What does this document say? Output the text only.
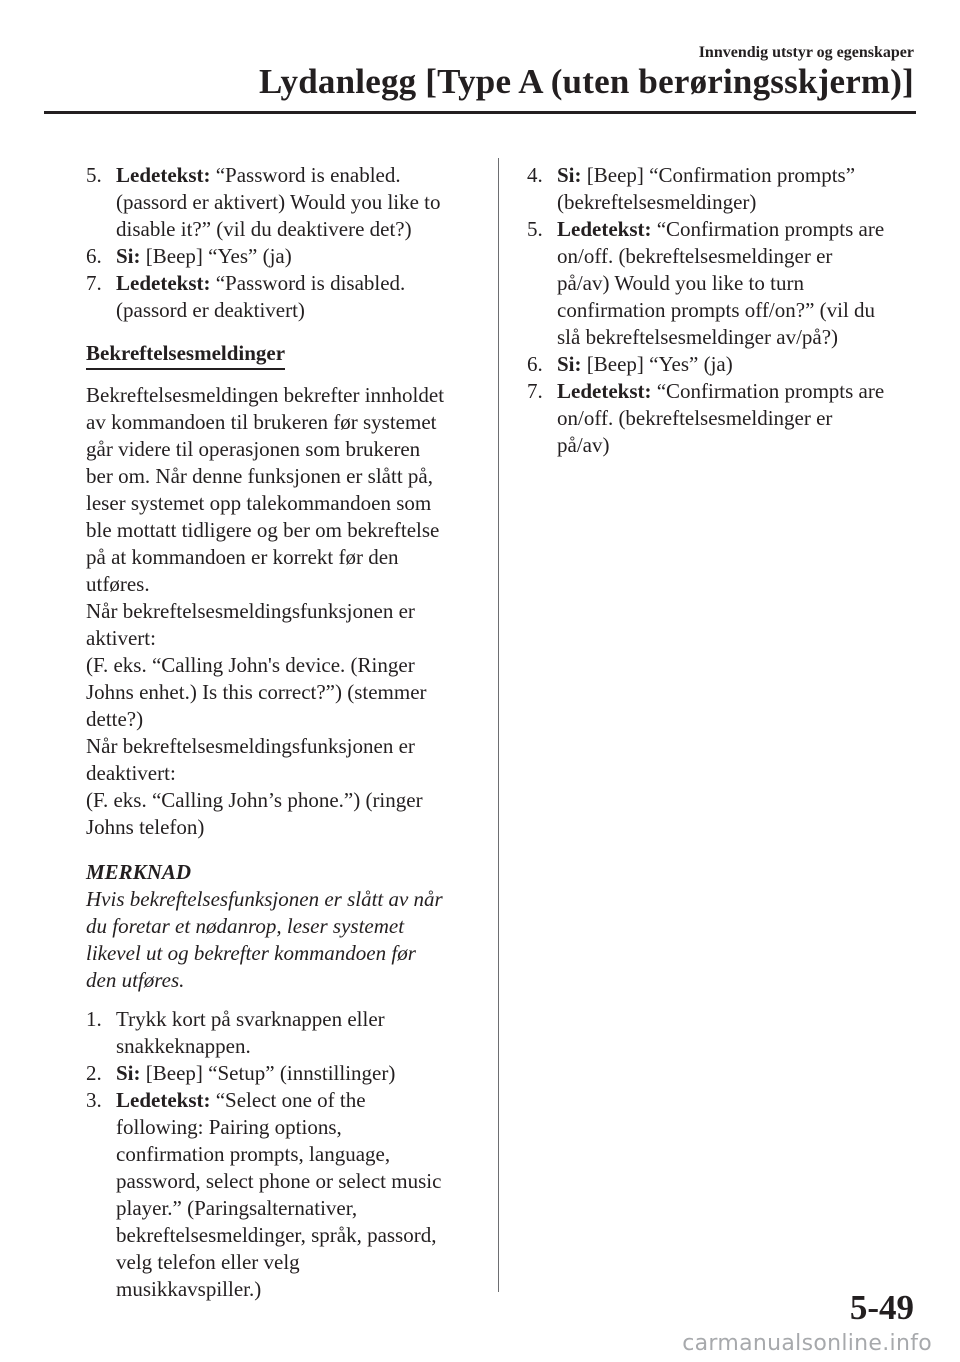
Innvendig utstyr og egenskaper
Lydanlegg [Type A (uten berøringsskjerm)]
5. Ledetekst: “Password is enabled.
(passord er aktivert) Would you like to
disable it?” (vil du deaktivere det?)
6. Si: [Beep] “Yes” (ja)
7. Ledetekst: “Password is disabled.
(passord er deaktivert)
Bekreftelsesmeldinger
Bekreftelsesmeldingen bekrefter innholdet
av kommandoen til brukeren før systemet
går videre til operasjonen som brukeren
ber om. Når denne funksjonen er slått på,
leser systemet opp talekommandoen som
ble mottatt tidligere og ber om bekreftelse
på at kommandoen er korrekt før den
utføres.
Når bekreftelsesmeldingsfunksjonen er
aktivert:
(F. eks. “Calling John's device. (Ringer
Johns enhet.) Is this correct?”) (stemmer
dette?)
Når bekreftelsesmeldingsfunksjonen er
deaktivert:
(F. eks. “Calling John’s phone.”) (ringer
Johns telefon)
MERKNAD
Hvis bekreftelsesfunksjonen er slått av når
du foretar et nødanrop, leser systemet
likevel ut og bekrefter kommandoen før
den utføres.
1. Trykk kort på svarknappen eller
snakkeknappen.
2. Si: [Beep] “Setup” (innstillinger)
3. Ledetekst: “Select one of the
following: Pairing options,
confirmation prompts, language,
password, select phone or select music
player.” (Paringsalternativer,
bekreftelsesmeldinger, språk, passord,
velg telefon eller velg
musikkavspiller.)
4. Si: [Beep] “Confirmation prompts”
(bekreftelsesmeldinger)
5. Ledetekst: “Confirmation prompts are
on/off. (bekreftelsesmeldinger er
på/av) Would you like to turn
confirmation prompts off/on?” (vil du
slå bekreftelsesmeldinger av/på?)
6. Si: [Beep] “Yes” (ja)
7. Ledetekst: “Confirmation prompts are
on/off. (bekreftelsesmeldinger er
på/av)
5-49
carmanualsonline.info
